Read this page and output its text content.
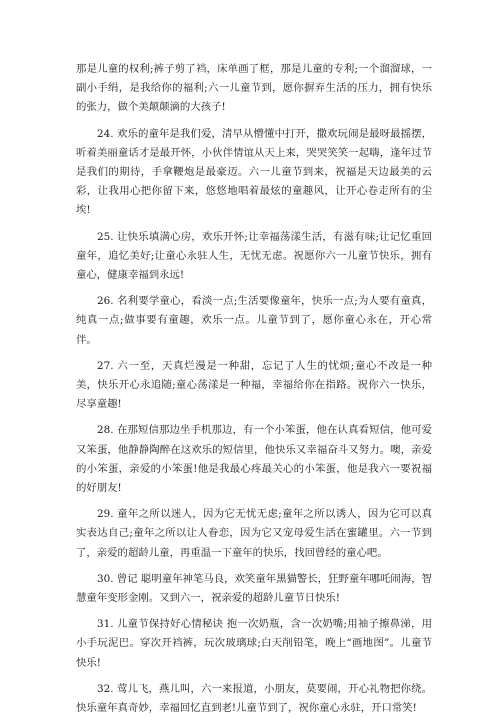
那是儿童的权利;裤子剪了裆，床单画了框，那是儿童的专利;一个溜溜球，一副小手绢，是我给你的福利;六一儿童节到，愿你摒弃生活的压力，拥有快乐的张力，做个美颠颠滴的大孩子!

24. 欢乐的童年是我们爱，清早从懵懂中打开，撒欢玩闹是最呀最摇摆，听着美丽童话才是最开怀，小伙伴情谊从天上来，哭哭笑笑一起嗨，逢年过节是我们的期待，手拿鞭炮是最豪迈。六一儿童节到来，祝福是天边最美的云彩，让我用心把你留下来，悠悠地唱着最炫的童趣风，让开心卷走所有的尘埃!

25. 让快乐填满心房，欢乐开怀;让幸福荡漾生活，有滋有味;让记忆重回童年，追忆美好;让童心永驻人生，无忧无虑。祝愿你六一儿童节快乐，拥有童心，健康幸福到永远!

26. 名利要学童心，看淡一点;生活要像童年，快乐一点;为人要有童真，纯真一点;做事要有童趣，欢乐一点。儿童节到了，愿你童心永在，开心常伴。

27. 六一至，天真烂漫是一种甜，忘记了人生的忧烦;童心不改是一种美，快乐开心永追随;童心荡漾是一种福，幸福给你在指路。祝你六一快乐，尽享童趣!

28. 在那短信那边坐手机那边，有一个小笨蛋，他在认真看短信，他可爱又笨蛋，他静静陶醉在这欢乐的短信里，他快乐又幸福奋斗又努力。噢，亲爱的小笨蛋，亲爱的小笨蛋!他是我最心疼最关心的小笨蛋，他是我六一要祝福的好朋友!

29. 童年之所以迷人，因为它无忧无虑;童年之所以诱人，因为它可以真实表达自己;童年之所以让人眷恋，因为它又宠母爱生活在蜜罐里。六一节到了，亲爱的超龄儿童，再重温一下童年的快乐，找回曾经的童心吧。

30. 曾记 聪明童年神笔马良，欢笑童年黑猫警长，狂野童年哪吒闹海，智慧童年变形金刚。又到六一，祝亲爱的超龄儿童节日快乐!

31. 儿童节保持好心情秘诀 抱一次奶瓶，含一次奶嘴;用袖子擦鼻涕，用小手玩泥巴。穿次开裆裤，玩次玻璃球;白天削铅笔，晚上“画地图”。儿童节快乐!

32. 莺儿飞，燕儿叫，六一来报道，小朋友，莫要闹，开心礼物把你绕。快乐童年真奇妙，幸福回忆直到老!儿童节到了，祝你童心永驻，开口常笑!
